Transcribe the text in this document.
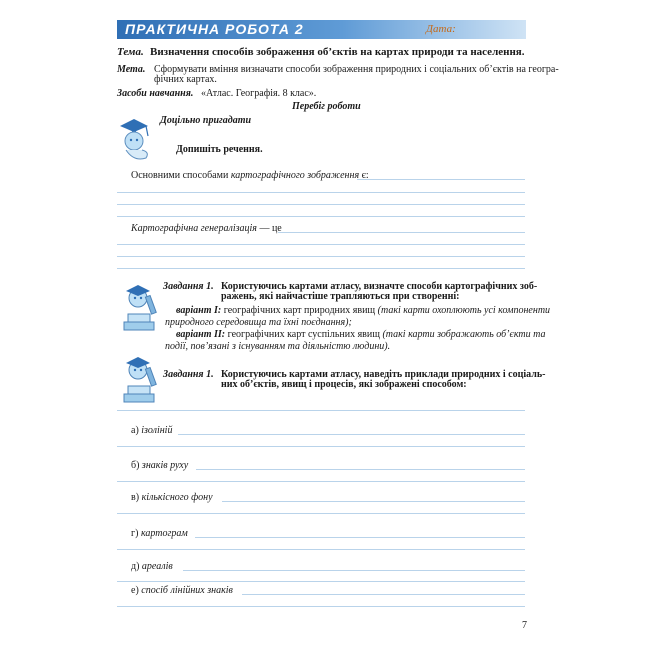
ПРАКТИЧНА РОБОТА 2	Дата:
Тема. Визначення способів зображення об’єктів на картах природи та населення.
Мета. Сформувати вміння визначати способи зображення природних і соціальних об’єктів на геогра-
фічних картах.
Засоби навчання. «Атлас. Географія. 8 клас».
Перебіг роботи
Доцільно пригадати
Допишіть речення.
Основними способами картографічного зображення є:
Картографічна генералізація — це
Завдання 1. Користуючись картами атласу, визначте способи картографічних зоб-
ражень, які найчастіше трапляються при створенні:
варіант I: географічних карт природних явищ (такі карти охоплюють усі компоненти
природного середовища та їхні поєднання);
варіант II: географічних карт суспільних явищ (такі карти зображають об’єкти та
події, пов’язані з існуванням та діяльністю людини).
Завдання 1. Користуючись картами атласу, наведіть приклади природних і соціаль-
них об’єктів, явищ і процесів, які зображені способом:
а) ізоліній
б) знаків руху
в) кількісного фону
г) картограм
д) ареалів
е) спосіб лінійних знаків
7
